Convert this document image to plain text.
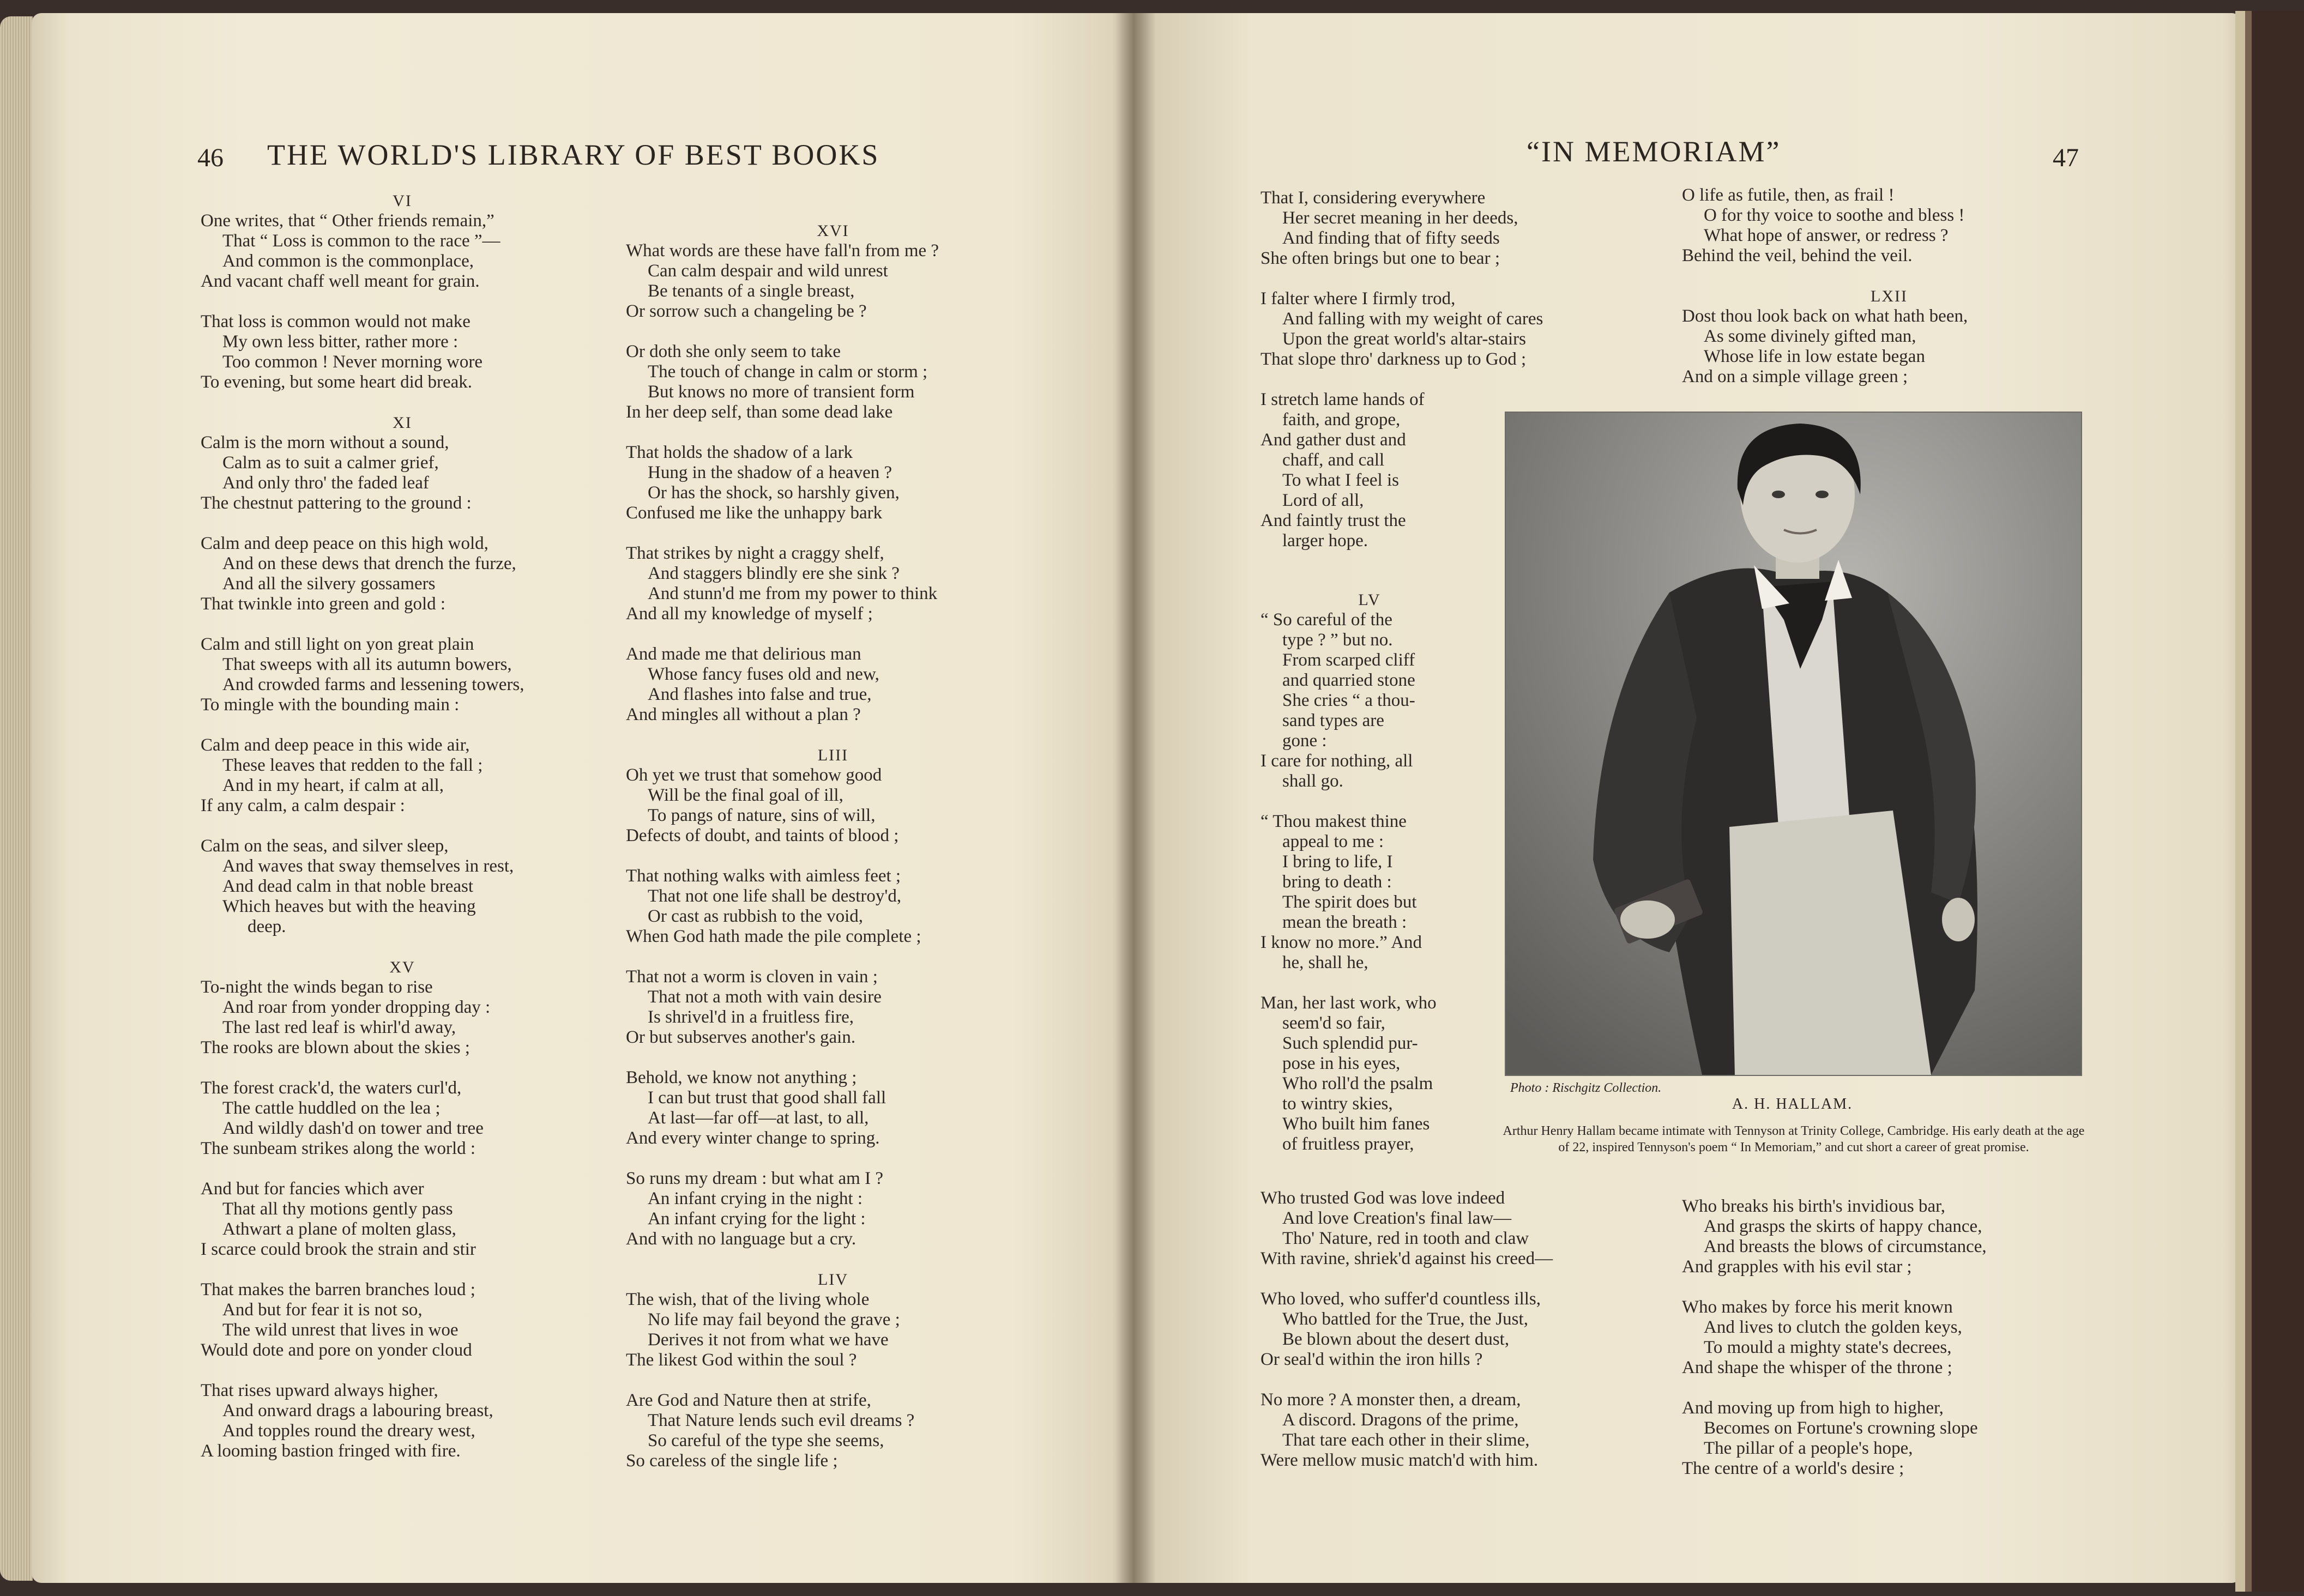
46 THE WORLD'S LIBRARY OF BEST BOOKS

VI

One writes, that “ Other friends remain,”

That “ Loss is common to the race ”—

And common is the commonplace,

And vacant chaff well meant for grain.

That loss is common would not make

My own less bitter, rather more :

Too common ! Never morning wore

To evening, but some heart did break.

XI

Calm is the morn without a sound,

Calm as to suit a calmer grief,

And only thro' the faded leaf

The chestnut pattering to the ground :

Calm and deep peace on this high wold,

And on these dews that drench the furze,

And all the silvery gossamers

That twinkle into green and gold :

Calm and still light on yon great plain

That sweeps with all its autumn bowers,

And crowded farms and lessening towers,

To mingle with the bounding main :

Calm and deep peace in this wide air,

These leaves that redden to the fall ;

And in my heart, if calm at all,

If any calm, a calm despair :

Calm on the seas, and silver sleep,

And waves that sway themselves in rest,

And dead calm in that noble breast

Which heaves but with the heaving

deep.

XV

To-night the winds began to rise

And roar from yonder dropping day :

The last red leaf is whirl'd away,

The rooks are blown about the skies ;

The forest crack'd, the waters curl'd,

The cattle huddled on the lea ;

And wildly dash'd on tower and tree

The sunbeam strikes along the world :

And but for fancies which aver

That all thy motions gently pass

Athwart a plane of molten glass,

I scarce could brook the strain and stir

That makes the barren branches loud ;

And but for fear it is not so,

The wild unrest that lives in woe

Would dote and pore on yonder cloud

That rises upward always higher,

And onward drags a labouring breast,

And topples round the dreary west,

A looming bastion fringed with fire.

XVI

What words are these have fall'n from me ?

Can calm despair and wild unrest

Be tenants of a single breast,

Or sorrow such a changeling be ?

Or doth she only seem to take

The touch of change in calm or storm ;

But knows no more of transient form

In her deep self, than some dead lake

That holds the shadow of a lark

Hung in the shadow of a heaven ?

Or has the shock, so harshly given,

Confused me like the unhappy bark

That strikes by night a craggy shelf,

And staggers blindly ere she sink ?

And stunn'd me from my power to think

And all my knowledge of myself ;

And made me that delirious man

Whose fancy fuses old and new,

And flashes into false and true,

And mingles all without a plan ?

LIII

Oh yet we trust that somehow good

Will be the final goal of ill,

To pangs of nature, sins of will,

Defects of doubt, and taints of blood ;

That nothing walks with aimless feet ;

That not one life shall be destroy'd,

Or cast as rubbish to the void,

When God hath made the pile complete ;

That not a worm is cloven in vain ;

That not a moth with vain desire

Is shrivel'd in a fruitless fire,

Or but subserves another's gain.

Behold, we know not anything ;

I can but trust that good shall fall

At last—far off—at last, to all,

And every winter change to spring.

So runs my dream : but what am I ?

An infant crying in the night :

An infant crying for the light :

And with no language but a cry.

LIV

The wish, that of the living whole

No life may fail beyond the grave ;

Derives it not from what we have

The likest God within the soul ?

Are God and Nature then at strife,

That Nature lends such evil dreams ?

So careful of the type she seems,

So careless of the single life ;

“IN MEMORIAM”	47

That I, considering everywhere

Her secret meaning in her deeds,

And finding that of fifty seeds

She often brings but one to bear ;

I falter where I firmly trod,

And falling with my weight of cares

Upon the great world's altar-stairs

That slope thro' darkness up to God ;

I stretch lame hands of

faith, and grope,

And gather dust and

chaff, and call

To what I feel is

Lord of all,

And faintly trust the

larger hope.

LV

“ So careful of the

type ? ” but no.

From scarped cliff

and quarried stone

She cries “ a thou-

sand types are

gone :

I care for nothing, all

shall go.

“ Thou makest thine

appeal to me :

I bring to life, I

bring to death :

The spirit does but

mean the breath :

I know no more.” And

he, shall he,

Man, her last work, who

seem'd so fair,

Such splendid pur-

pose in his eyes,

Who roll'd the psalm

to wintry skies,

Who built him fanes

of fruitless prayer,

Who trusted God was love indeed

And love Creation's final law—

Tho' Nature, red in tooth and claw

With ravine, shriek'd against his creed—

Who loved, who suffer'd countless ills,

Who battled for the True, the Just,

Be blown about the desert dust,

Or seal'd within the iron hills ?

No more ? A monster then, a dream,

A discord. Dragons of the prime,

That tare each other in their slime,

Were mellow music match'd with him.

O life as futile, then, as frail !

O for thy voice to soothe and bless !

What hope of answer, or redress ?

Behind the veil, behind the veil.

LXII

Dost thou look back on what hath been,

As some divinely gifted man,

Whose life in low estate began

And on a simple village green ;

Who breaks his birth's invidious bar,

And grasps the skirts of happy chance,

And breasts the blows of circumstance,

And grapples with his evil star ;

Who makes by force his merit known

And lives to clutch the golden keys,

To mould a mighty state's decrees,

And shape the whisper of the throne ;

And moving up from high to higher,

Becomes on Fortune's crowning slope

The pillar of a people's hope,

The centre of a world's desire ;

Photo : Rischgitz Collection.
A. H. HALLAM.
Arthur Henry Hallam became intimate with Tennyson at Trinity College, Cambridge. His early death at the age of 22, inspired Tennyson's poem “ In Memoriam,” and cut short a career of great promise.
